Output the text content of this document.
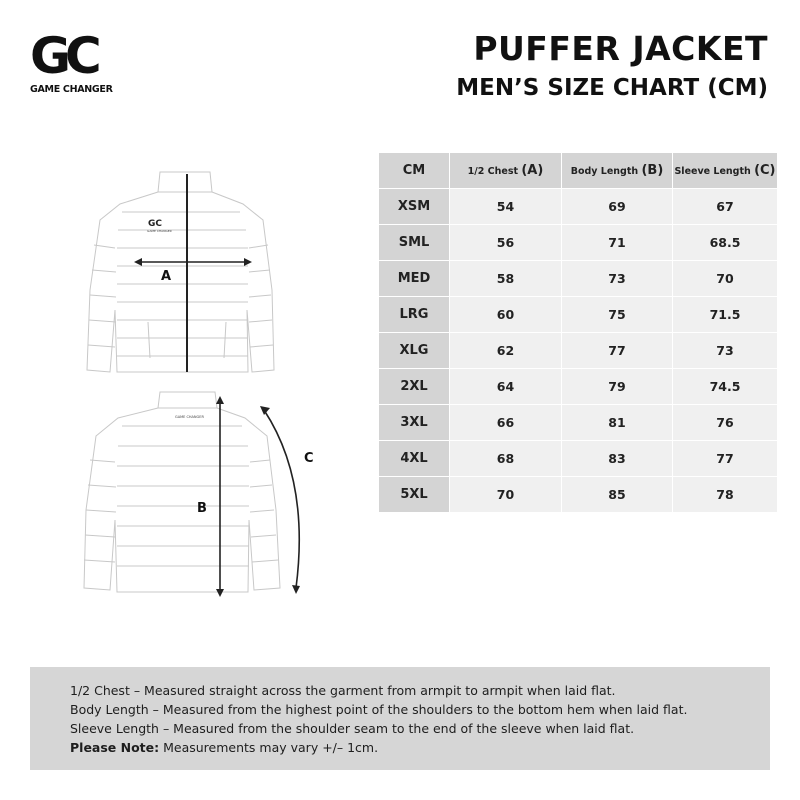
GC
GAME CHANGER
PUFFER JACKET
MEN’S SIZE CHART (CM)
GC
GAME CHANGER
GAME CHANGER
A
B
C
CM	1/2 Chest (A)	Body Length (B)	Sleeve Length (C)
XSM	54	69	67
SML	56	71	68.5
MED	58	73	70
LRG	60	75	71.5
XLG	62	77	73
2XL	64	79	74.5
3XL	66	81	76
4XL	68	83	77
5XL	70	85	78
1/2 Chest – Measured straight across the garment from armpit to armpit when laid flat.
Body Length – Measured from the highest point of the shoulders to the bottom hem when laid flat.
Sleeve Length – Measured from the shoulder seam to the end of the sleeve when laid flat.
Please Note: Measurements may vary +/– 1cm.
